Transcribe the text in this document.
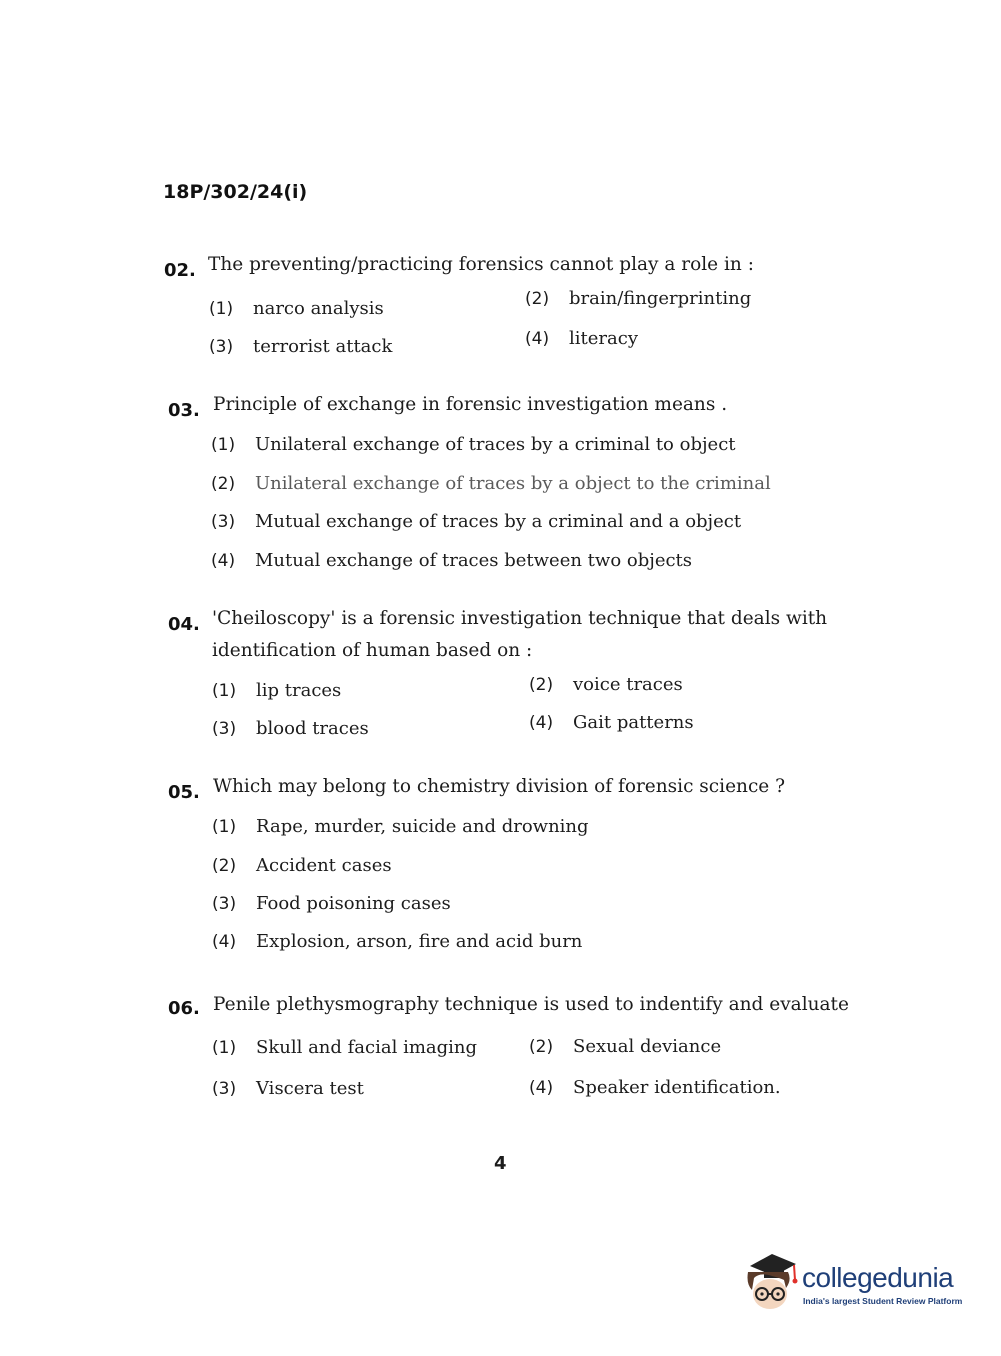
18P/302/24(i)
02. The preventing/practicing forensics cannot play a role in :
(1) narco analysis	(2) brain/fingerprinting
(3) terrorist attack	(4) literacy
03. Principle of exchange in forensic investigation means .
(1) Unilateral exchange of traces by a criminal to object
(2) Unilateral exchange of traces by a object to the criminal
(3) Mutual exchange of traces by a criminal and a object
(4) Mutual exchange of traces between two objects
04. 'Cheiloscopy' is a forensic investigation technique that deals with
identification of human based on :
(1) lip traces	(2) voice traces
(3) blood traces	(4) Gait patterns
05. Which may belong to chemistry division of forensic science ?
(1) Rape, murder, suicide and drowning
(2) Accident cases
(3) Food poisoning cases
(4) Explosion, arson, fire and acid burn
06. Penile plethysmography technique is used to indentify and evaluate
(1) Skull and facial imaging	(2) Sexual deviance
(3) Viscera test	(4) Speaker identification.
4
collegedunia
India's largest Student Review Platform
